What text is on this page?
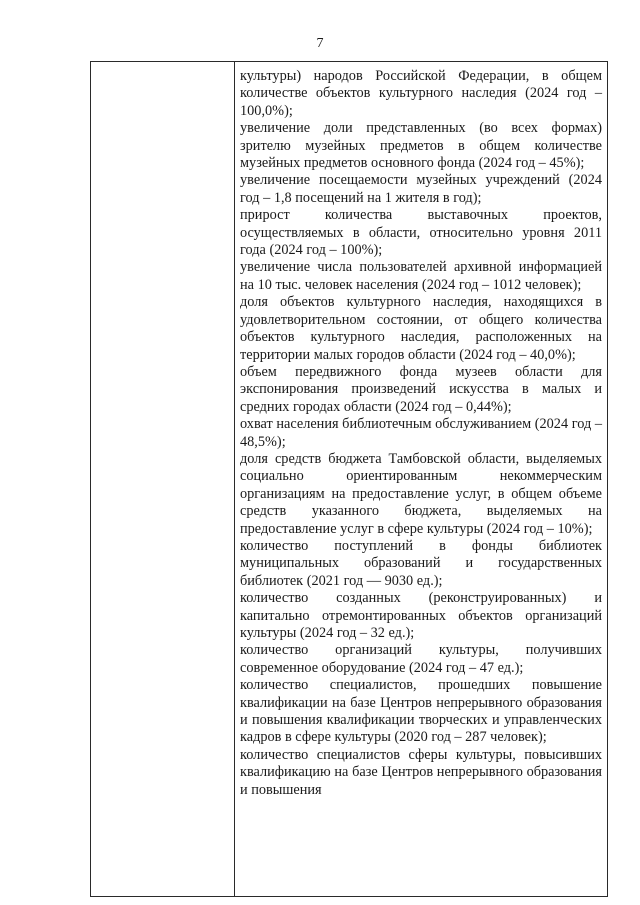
7

культуры) народов Российской Федерации, в общем количестве объектов культурного наследия (2024 год – 100,0%);

увеличение доли представленных (во всех формах) зрителю музейных предметов в общем количестве музейных предметов основного фонда (2024 год – 45%);

увеличение посещаемости музейных учреждений (2024 год – 1,8 посещений на 1 жителя в год);

прирост количества выставочных проектов, осуществляемых в области, относительно уровня 2011 года (2024 год – 100%);

увеличение числа пользователей архивной информацией на 10 тыс. человек населения (2024 год – 1012 человек);

доля объектов культурного наследия, находящихся в удовлетворительном состоянии, от общего количества объектов культурного наследия, расположенных на территории малых городов области (2024 год – 40,0%);

объем передвижного фонда музеев области для экспонирования произведений искусства в малых и средних городах области (2024 год – 0,44%);

охват населения библиотечным обслуживанием (2024 год – 48,5%);

доля средств бюджета Тамбовской области, выделяемых социально ориентированным некоммерческим организациям на предоставление услуг, в общем объеме средств указанного бюджета, выделяемых на предоставление услуг в сфере культуры (2024 год – 10%);

количество поступлений в фонды библиотек муниципальных образований и государственных библиотек (2021 год — 9030 ед.);

количество созданных (реконструированных) и капитально отремонтированных объектов организаций культуры (2024 год – 32 ед.);

количество организаций культуры, получивших современное оборудование (2024 год – 47 ед.);

количество специалистов, прошедших повышение квалификации на базе Центров непрерывного образования и повышения квалификации творческих и управленческих кадров в сфере культуры (2020 год – 287 человек);

количество специалистов сферы культуры, повысивших квалификацию на базе Центров непрерывного образования и повышения
